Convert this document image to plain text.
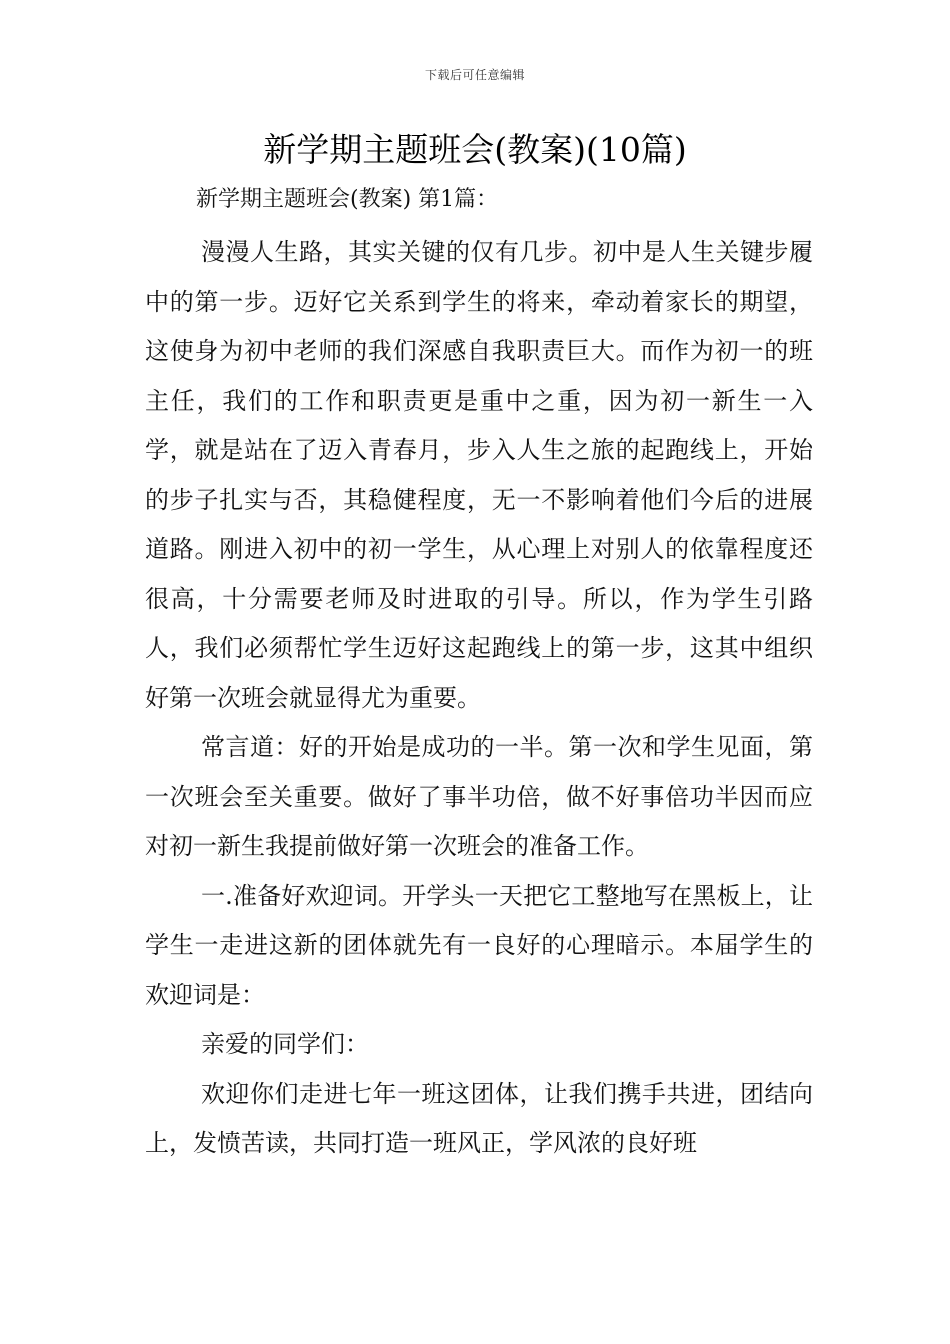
下载后可任意编辑
新学期主题班会(教案)(10篇)
新学期主题班会(教案) 第1篇：

漫漫人生路，其实关键的仅有几步。初中是人生关键步履中的第一步。迈好它关系到学生的将来，牵动着家长的期望，这使身为初中老师的我们深感自我职责巨大。而作为初一的班主任，我们的工作和职责更是重中之重，因为初一新生一入学，就是站在了迈入青春月，步入人生之旅的起跑线上，开始的步子扎实与否，其稳健程度，无一不影响着他们今后的进展道路。刚进入初中的初一学生，从心理上对别人的依靠程度还很高，十分需要老师及时进取的引导。所以，作为学生引路人，我们必须帮忙学生迈好这起跑线上的第一步，这其中组织好第一次班会就显得尤为重要。

常言道：好的开始是成功的一半。第一次和学生见面，第一次班会至关重要。做好了事半功倍，做不好事倍功半因而应对初一新生我提前做好第一次班会的准备工作。

一.准备好欢迎词。开学头一天把它工整地写在黑板上，让学生一走进这新的团体就先有一良好的心理暗示。本届学生的欢迎词是：

亲爱的同学们：

欢迎你们走进七年一班这团体，让我们携手共进，团结向上，发愤苦读，共同打造一班风正，学风浓的良好班
